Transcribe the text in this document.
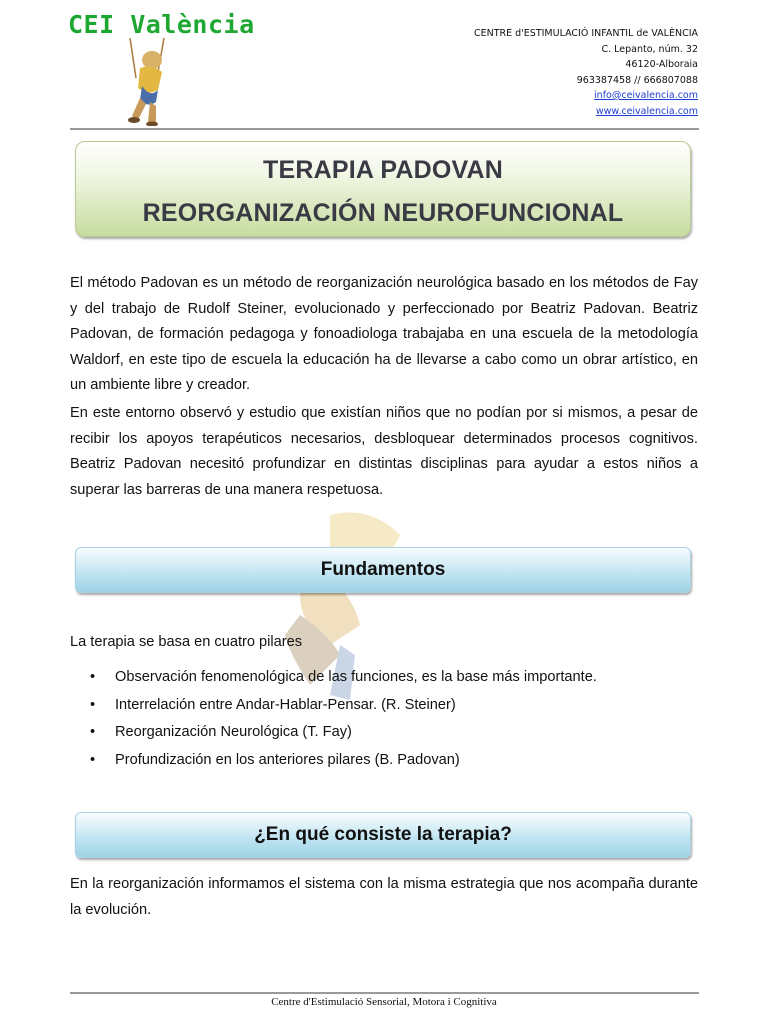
CEI València	CENTRE d'ESTIMULACIÓ INFANTIL de VALÈNCIA
C. Lepanto, núm. 32
46120-Alboraia
963387458 // 666807088
info@ceivalencia.com
www.ceivalencia.com
TERAPIA PADOVAN
REORGANIZACIÓN NEUROFUNCIONAL
El método Padovan es un método de reorganización neurológica basado en los métodos de Fay y del trabajo de Rudolf Steiner, evolucionado y perfeccionado por Beatriz Padovan. Beatriz Padovan, de formación pedagoga y fonoadiologa trabajaba en una escuela de la metodología Waldorf, en este tipo de escuela la educación ha de llevarse a cabo como un obrar artístico, en un ambiente libre y creador.
En este entorno observó y estudio que existían niños que no podían por si mismos, a pesar de recibir los apoyos terapéuticos necesarios, desbloquear determinados procesos cognitivos. Beatriz Padovan necesitó profundizar en distintas disciplinas para ayudar a estos niños a superar las barreras de una manera respetuosa.
Fundamentos
La terapia se basa en cuatro pilares
• Observación fenomenológica de las funciones, es la base más importante.
• Interrelación entre Andar-Hablar-Pensar. (R. Steiner)
• Reorganización Neurológica (T. Fay)
• Profundización en los anteriores pilares (B. Padovan)
¿En qué consiste la terapia?
En la reorganización informamos el sistema con la misma estrategia que nos acompaña durante la evolución.
Centre d'Estimulació Sensorial, Motora i Cognitiva
